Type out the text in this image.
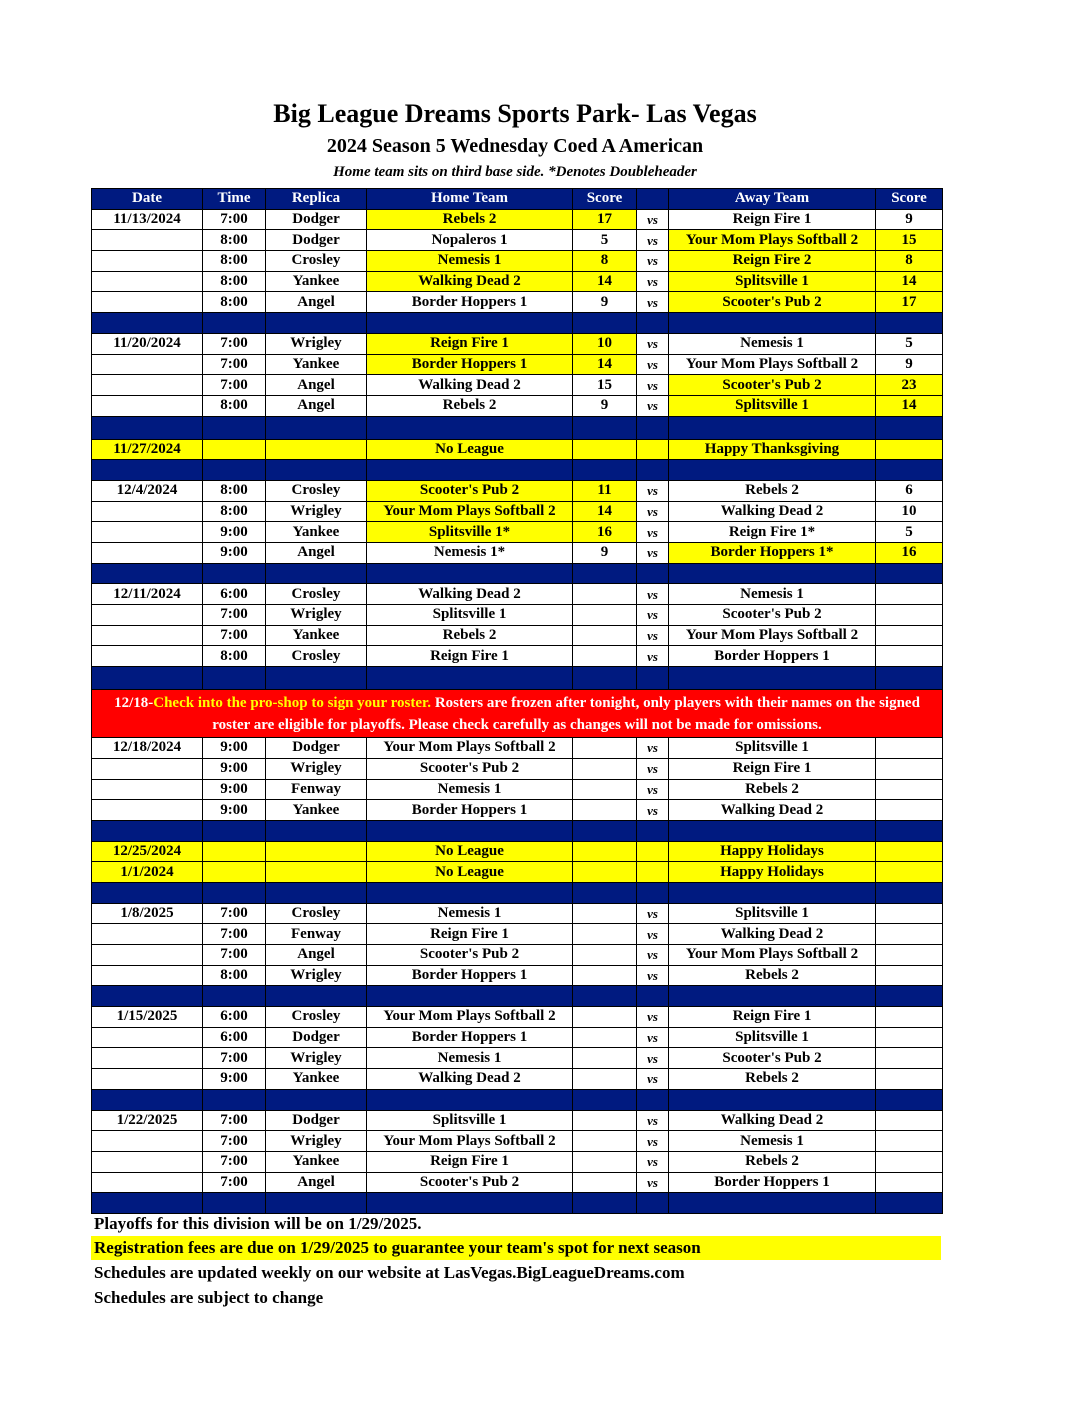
Big League Dreams Sports Park- Las Vegas
2024 Season 5 Wednesday Coed A American
Home team sits on third base side. *Denotes Doubleheader
Date	Time	Replica	Home Team	Score		Away Team	Score
11/13/2024	7:00	Dodger	Rebels 2	17	vs	Reign Fire 1	9
	8:00	Dodger	Nopaleros 1	5	vs	Your Mom Plays Softball 2	15
	8:00	Crosley	Nemesis 1	8	vs	Reign Fire 2	8
	8:00	Yankee	Walking Dead 2	14	vs	Splitsville 1	14
	8:00	Angel	Border Hoppers 1	9	vs	Scooter's Pub 2	17

11/20/2024	7:00	Wrigley	Reign Fire 1	10	vs	Nemesis 1	5
	7:00	Yankee	Border Hoppers 1	14	vs	Your Mom Plays Softball 2	9
	7:00	Angel	Walking Dead 2	15	vs	Scooter's Pub 2	23
	8:00	Angel	Rebels 2	9	vs	Splitsville 1	14

11/27/2024			No League			Happy Thanksgiving	

12/4/2024	8:00	Crosley	Scooter's Pub 2	11	vs	Rebels 2	6
	8:00	Wrigley	Your Mom Plays Softball 2	14	vs	Walking Dead 2	10
	9:00	Yankee	Splitsville 1*	16	vs	Reign Fire 1*	5
	9:00	Angel	Nemesis 1*	9	vs	Border Hoppers 1*	16

12/11/2024	6:00	Crosley	Walking Dead 2		vs	Nemesis 1	
	7:00	Wrigley	Splitsville 1		vs	Scooter's Pub 2	
	7:00	Yankee	Rebels 2		vs	Your Mom Plays Softball 2	
	8:00	Crosley	Reign Fire 1		vs	Border Hoppers 1	

12/18-Check into the pro-shop to sign your roster. Rosters are frozen after tonight, only players with their names on the signed roster are eligible for playoffs. Please check carefully as changes will not be made for omissions.							
12/18/2024	9:00	Dodger	Your Mom Plays Softball 2		vs	Splitsville 1	
	9:00	Wrigley	Scooter's Pub 2		vs	Reign Fire 1	
	9:00	Fenway	Nemesis 1		vs	Rebels 2	
	9:00	Yankee	Border Hoppers 1		vs	Walking Dead 2	

12/25/2024			No League			Happy Holidays	
1/1/2024			No League			Happy Holidays	

1/8/2025	7:00	Crosley	Nemesis 1		vs	Splitsville 1	
	7:00	Fenway	Reign Fire 1		vs	Walking Dead 2	
	7:00	Angel	Scooter's Pub 2		vs	Your Mom Plays Softball 2	
	8:00	Wrigley	Border Hoppers 1		vs	Rebels 2	

1/15/2025	6:00	Crosley	Your Mom Plays Softball 2		vs	Reign Fire 1	
	6:00	Dodger	Border Hoppers 1		vs	Splitsville 1	
	7:00	Wrigley	Nemesis 1		vs	Scooter's Pub 2	
	9:00	Yankee	Walking Dead 2		vs	Rebels 2	

1/22/2025	7:00	Dodger	Splitsville 1		vs	Walking Dead 2	
	7:00	Wrigley	Your Mom Plays Softball 2		vs	Nemesis 1	
	7:00	Yankee	Reign Fire 1		vs	Rebels 2	
	7:00	Angel	Scooter's Pub 2		vs	Border Hoppers 1	

Playoffs for this division will be on 1/29/2025.
Registration fees are due on 1/29/2025 to guarantee your team's spot for next season
Schedules are updated weekly on our website at LasVegas.BigLeagueDreams.com
Schedules are subject to change
